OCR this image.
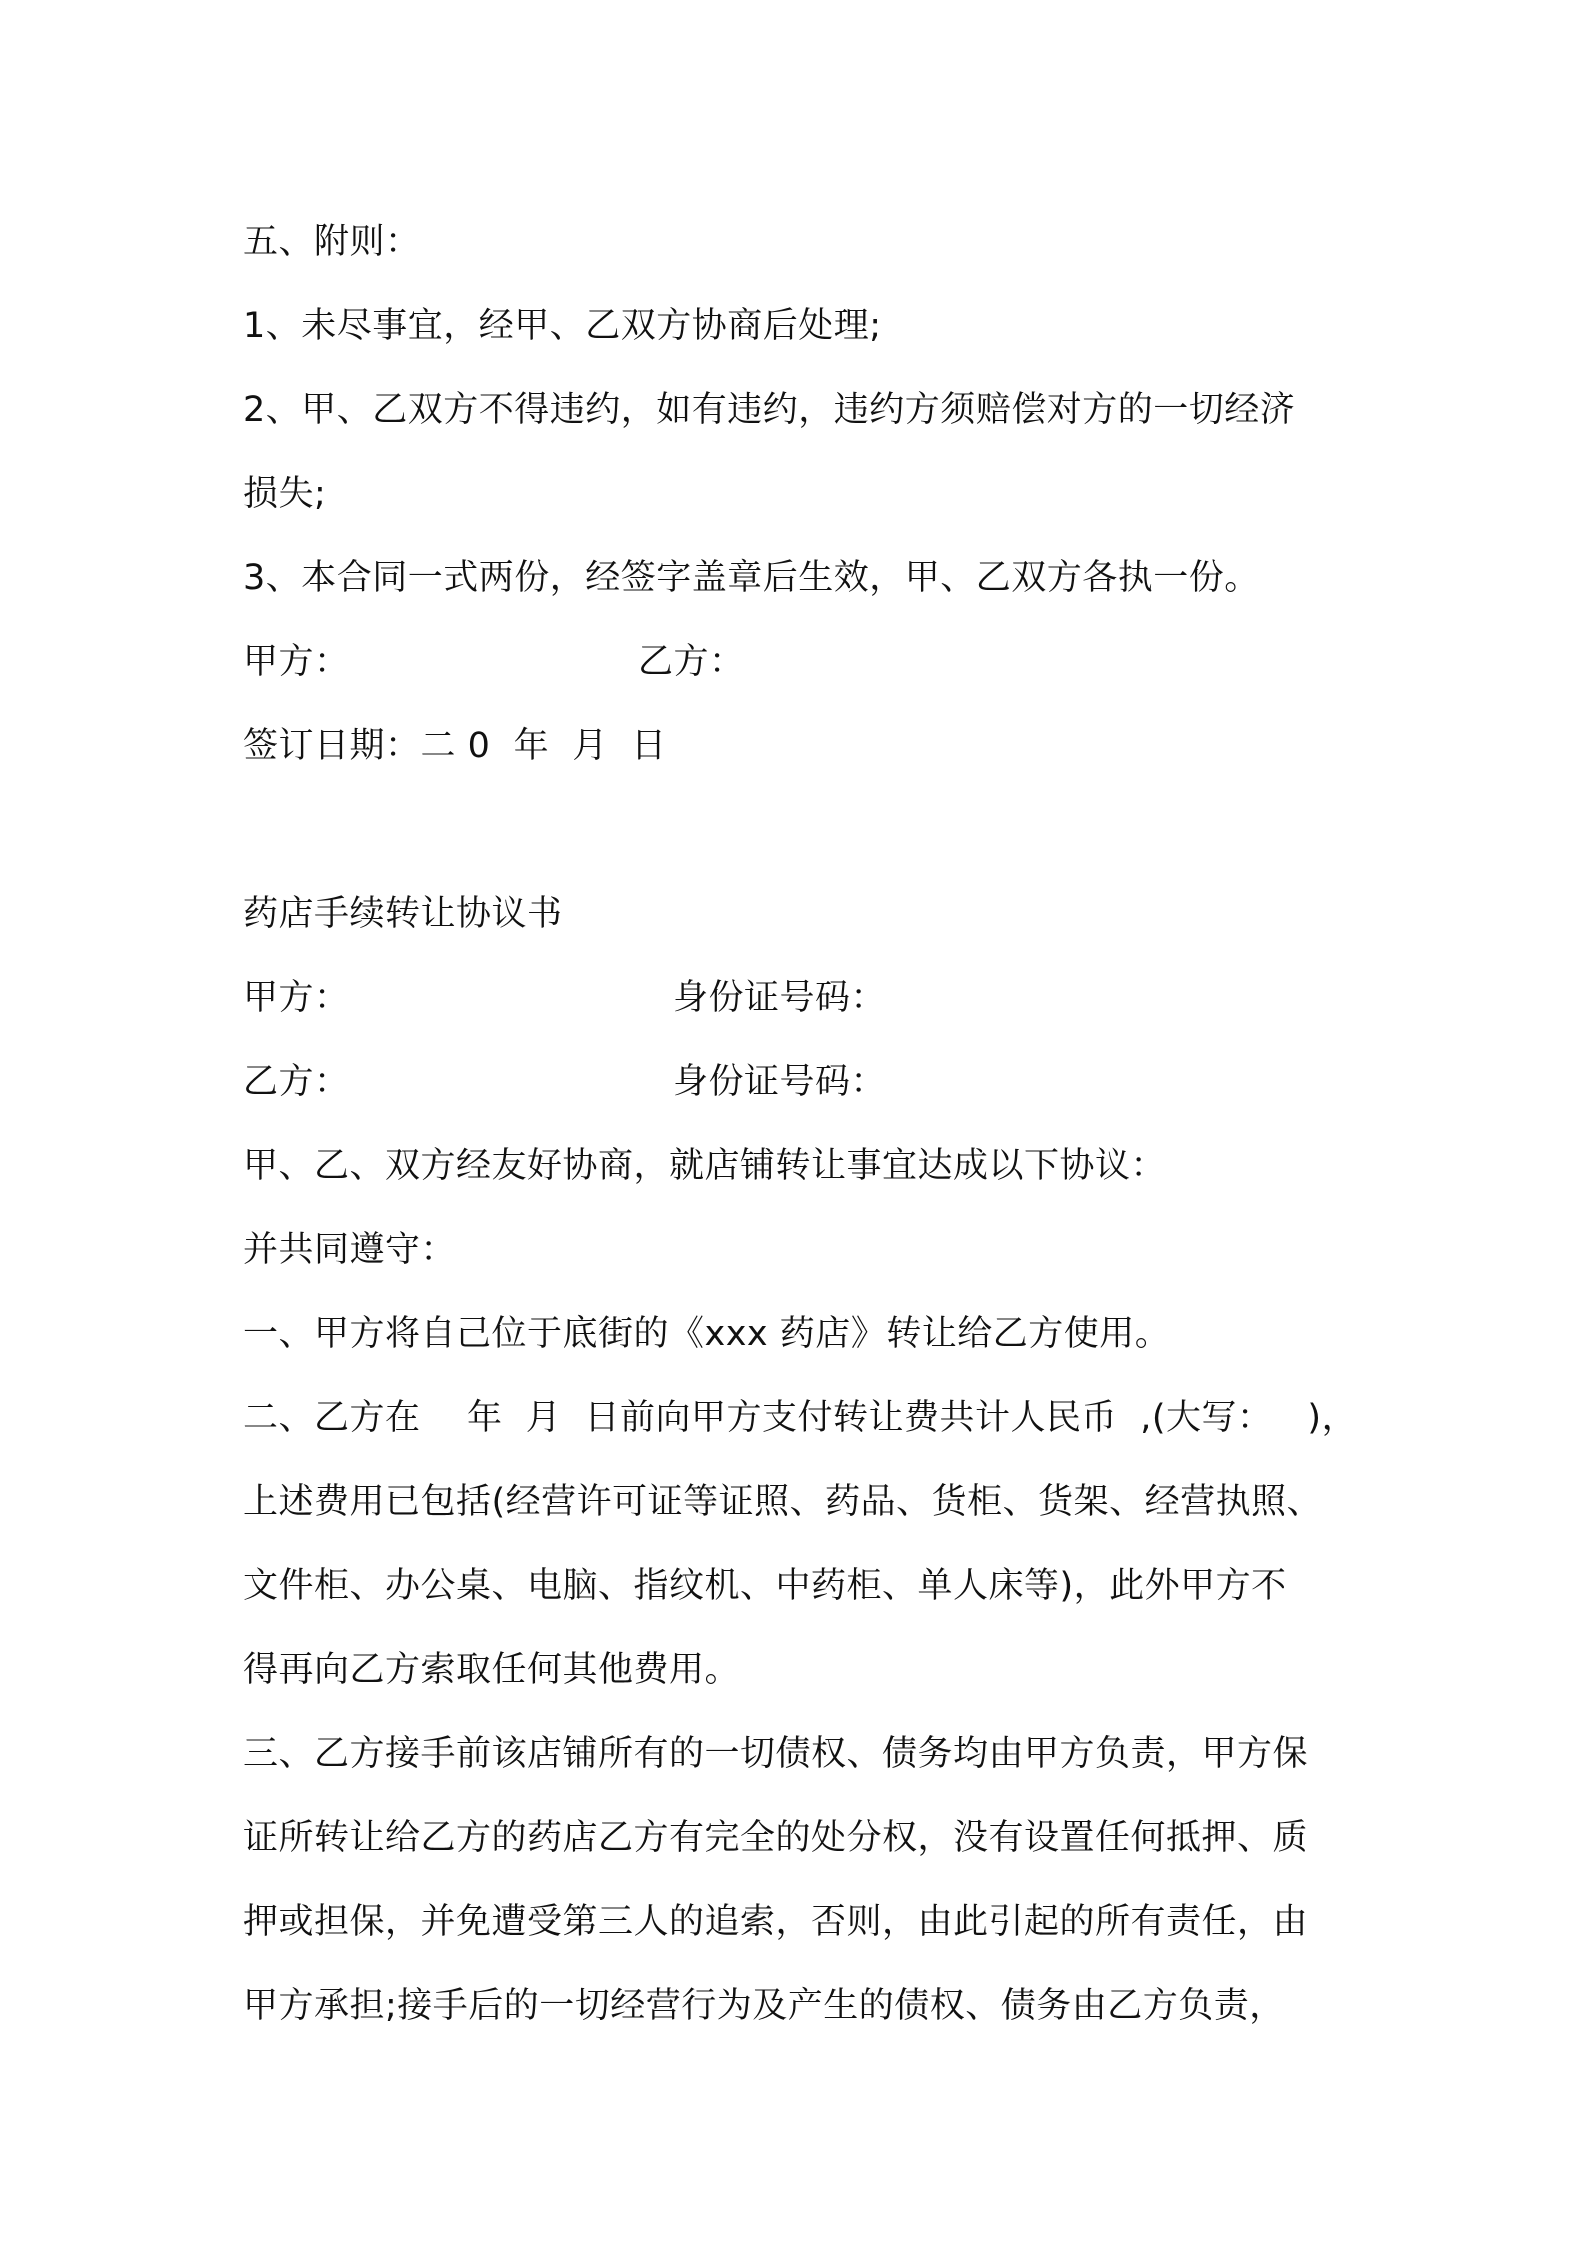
五、附则：
1、未尽事宜，经甲、乙双方协商后处理;
2、甲、乙双方不得违约，如有违约，违约方须赔偿对方的一切经济
损失;
3、本合同一式两份，经签字盖章后生效，甲、乙双方各执一份。
甲方：	乙方：
签订日期：二 0  年  月  日
药店手续转让协议书
甲方：	身份证号码：
乙方：	身份证号码：
甲、乙、双方经友好协商，就店铺转让事宜达成以下协议：
并共同遵守：
一、甲方将自己位于底街的《xxx 药店》转让给乙方使用。
二、乙方在    年  月  日前向甲方支付转让费共计人民币  ,(大写：   )，
上述费用已包括(经营许可证等证照、药品、货柜、货架、经营执照、
文件柜、办公桌、电脑、指纹机、中药柜、单人床等)，此外甲方不
得再向乙方索取任何其他费用。
三、乙方接手前该店铺所有的一切债权、债务均由甲方负责，甲方保
证所转让给乙方的药店乙方有完全的处分权，没有设置任何抵押、质
押或担保，并免遭受第三人的追索，否则，由此引起的所有责任，由
甲方承担;接手后的一切经营行为及产生的债权、债务由乙方负责，
